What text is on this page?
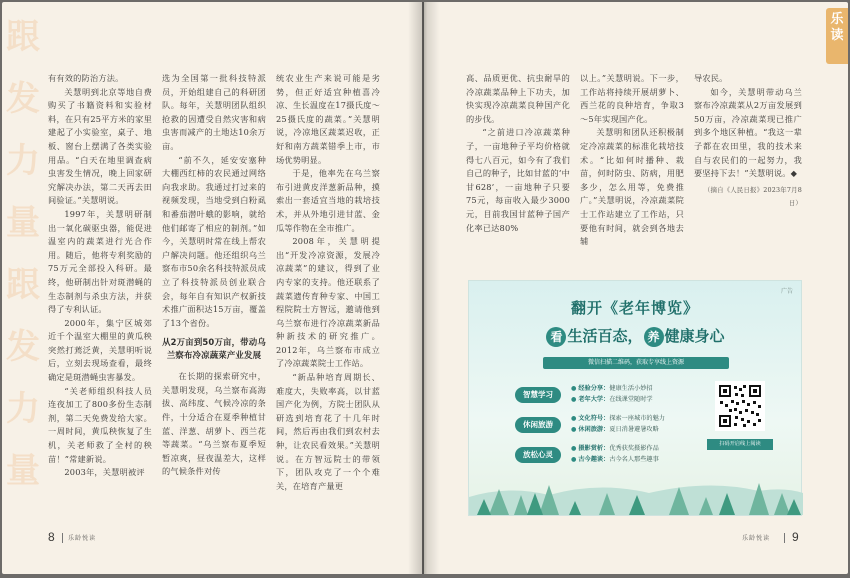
跟
发
力
量
跟
发
力
量

有有效的防治方法。

关慧明到北京等地自费购买了书籍资料和实验材料，在只有25平方米的家里建起了小实验室，桌子、地板、窗台上摆满了各类实验用品。“白天在地里调查病虫害发生情况，晚上回家研究解决办法，第二天再去田间验证。”关慧明说。

1997年，关慧明研制出一氧化碳驱虫器，能促进温室内的蔬菜进行光合作用。随后，他将专利奖励的75万元全部投入科研。最终，他研制出针对斑潜蝇的生态制剂与杀虫方法，并获得了专利认证。

2000年，集宁区城郊近千个温室大棚里的黄瓜秧突然打蔫泛黄，关慧明听说后，立刻去现场查看，最终确定是斑潜蝇虫害暴发。

“关老师组织科技人员连夜加工了800多份生态制剂，第二天免费发给大家。一周时间，黄瓜秧恢复了生机，关老师救了全村的秧苗！”常建新说。

2003年，关慧明被评

选为全国第一批科技特派员，开始组建自己的科研团队。每年，关慧明团队组织抢救的因遭受自然灾害和病虫害而减产的土地达10余万亩。

“前不久，延安安塞种大棚西红柿的农民通过网络向我求助。我通过打过来的视频发现，当地受到白粉虱和番茄潜叶蛾的影响，就给他们邮寄了相应的制剂。”如今，关慧明时常在线上帮农户解决问题。他还组织乌兰察布市50余名科技特派员成立了科技特派员创业联合会，每年自有知识产权新技术推广面积达15万亩，覆盖了13个省份。

从2万亩到50万亩，带动乌兰察布冷凉蔬菜产业发展

在长期的探索研究中，关慧明发现，乌兰察布高海拔、高纬度、气候冷凉的条件，十分适合在夏季种植甘蓝、洋葱、胡萝卜、西兰花等蔬菜。“乌兰察布夏季短暂凉爽，昼夜温差大，这样的气候条件对传

统农业生产来说可能是劣势，但正好适宜种植喜冷凉、生长温度在17摄氏度～25摄氏度的蔬菜。”关慧明说，冷凉地区蔬菜迟收，正好和南方蔬菜错季上市，市场优势明显。

于是，他率先在乌兰察布引进黄皮洋葱新品种，摸索出一套适宜当地的栽培技术，并从外地引进甘蓝、金瓜等作物在全市推广。

2008年，关慧明提出“开发冷凉资源，发展冷凉蔬菜”的建议，得到了业内专家的支持。他还联系了蔬菜遗传育种专家、中国工程院院士方智远，邀请他到乌兰察布进行冷凉蔬菜新品种新技术的研究推广。2012年，乌兰察布市成立了冷凉蔬菜院士工作站。

“新品种培育周期长、难度大，失败率高，以甘蓝国产化为例，方院士团队从研选到培育花了十几年时间，然后再由我们到农村去种，让农民看效果。”关慧明说。在方智远院士的带领下，团队攻克了一个个难关，在培育产量更

8 乐龄悦读
乐读

高、品质更优、抗虫耐旱的冷凉蔬菜品种上下功夫，加快实现冷凉蔬菜良种国产化的步伐。

“之前进口冷凉蔬菜种子，一亩地种子平均价格就得七八百元，如今有了我们自己的种子，比如甘蓝的‘中甘628’，一亩地种子只要75元，每亩收入最少3000元，目前我国甘蓝种子国产化率已达80%

以上。”关慧明说。下一步，工作站将持续开展胡萝卜、西兰花的良种培育，争取3～5年实现国产化。

关慧明和团队还积极制定冷凉蔬菜的标准化栽培技术。“比如何时播种、栽苗，何时防虫、防病，用肥多少，怎么用等，免费推广。”关慧明说，冷凉蔬菜院士工作站建立了工作站，只要他有时间，就会到各地去辅

导农民。

如今，关慧明带动乌兰察布冷凉蔬菜从2万亩发展到50万亩，冷凉蔬菜现已推广到多个地区种植。“我这一辈子都在农田里，我的技术来自与农民们的一起努力，我要坚持下去！”关慧明说。◆

（摘自《人民日报》2023年7月8日）

乐龄悦读 9
广告
翻开《老年博览》
看 生活百态， 养 健康身心
微信扫描二维码，获取专享线上资源
智慧学习
● 经验分享：健康生活小妙招
● 老年大学：在线课堂随时学
休闲旅游
● 文化符号：探索一座城市的魅力
● 休闲旅游：夏日消暑避暑攻略
放松心灵
● 摄影赏析：优秀获奖摄影作品
● 古今趣谈：古今名人那些趣事
扫码开启线上阅读
